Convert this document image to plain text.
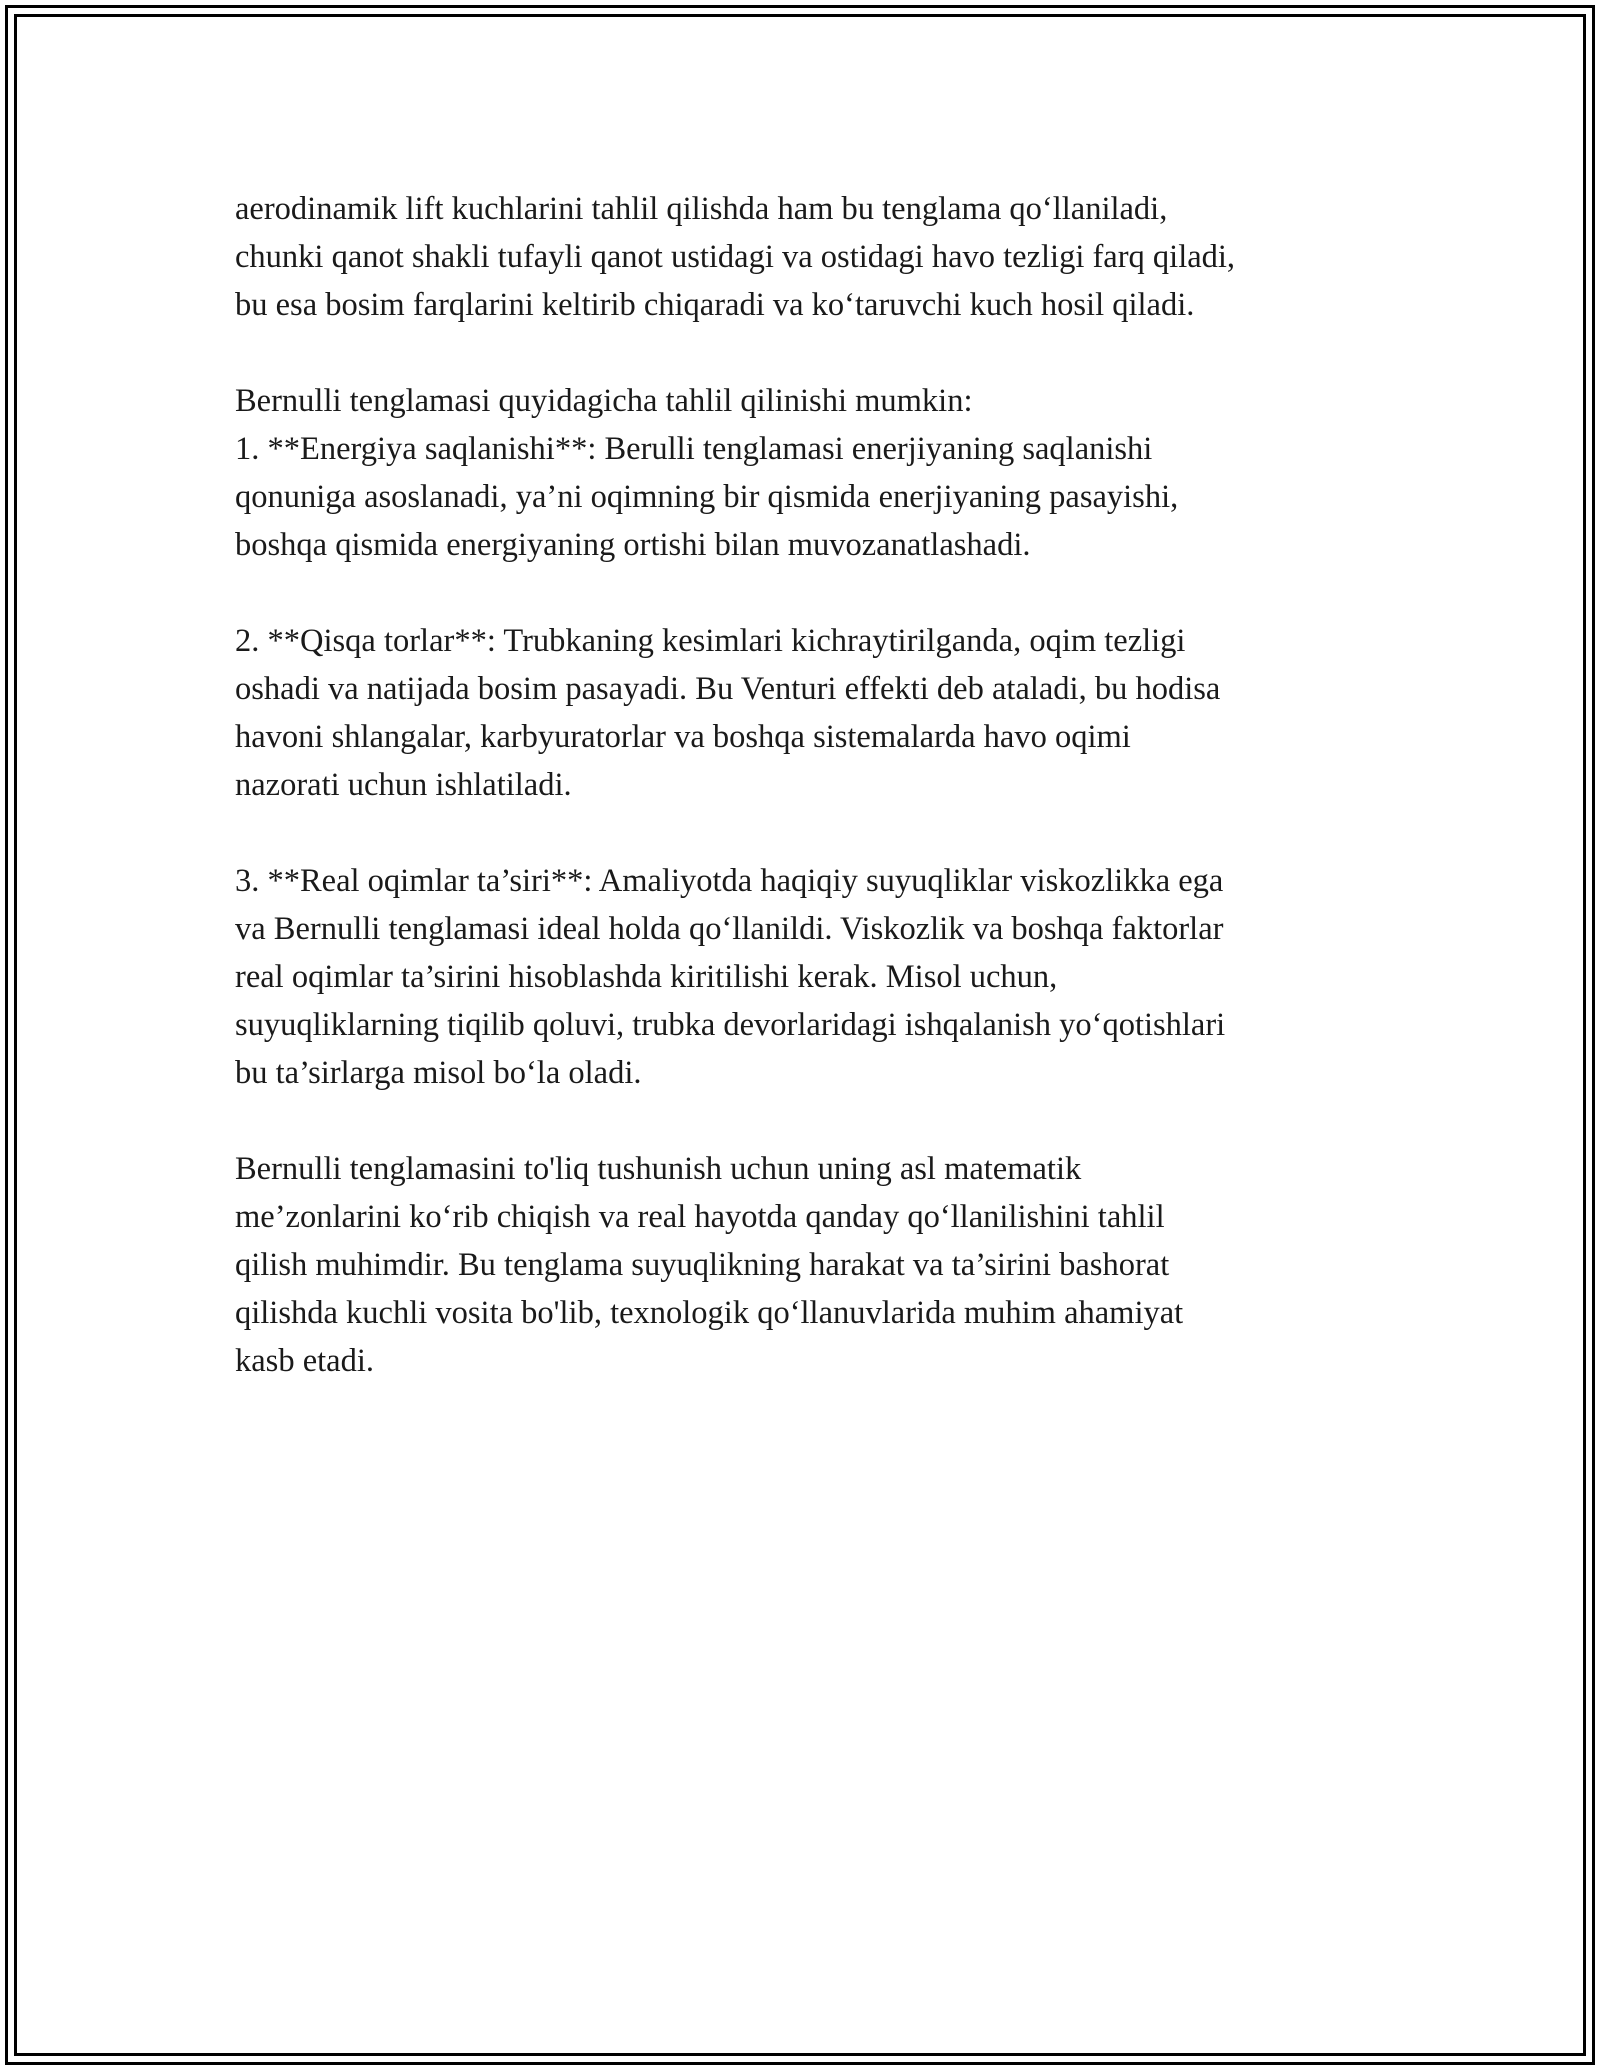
aerodinamik lift kuchlarini tahlil qilishda ham bu tenglama qo‘llaniladi,
chunki qanot shakli tufayli qanot ustidagi va ostidagi havo tezligi farq qiladi,
bu esa bosim farqlarini keltirib chiqaradi va ko‘taruvchi kuch hosil qiladi.

Bernulli tenglamasi quyidagicha tahlil qilinishi mumkin:

1. **Energiya saqlanishi**: Berulli tenglamasi enerjiyaning saqlanishi
qonuniga asoslanadi, ya’ni oqimning bir qismida enerjiyaning pasayishi,
boshqa qismida energiyaning ortishi bilan muvozanatlashadi.

2. **Qisqa torlar**: Trubkaning kesimlari kichraytirilganda, oqim tezligi
oshadi va natijada bosim pasayadi. Bu Venturi effekti deb ataladi, bu hodisa
havoni shlangalar, karbyuratorlar va boshqa sistemalarda havo oqimi
nazorati uchun ishlatiladi.

3. **Real oqimlar ta’siri**: Amaliyotda haqiqiy suyuqliklar viskozlikka ega
va Bernulli tenglamasi ideal holda qo‘llanildi. Viskozlik va boshqa faktorlar
real oqimlar ta’sirini hisoblashda kiritilishi kerak. Misol uchun,
suyuqliklarning tiqilib qoluvi, trubka devorlaridagi ishqalanish yo‘qotishlari
bu ta’sirlarga misol bo‘la oladi.

Bernulli tenglamasini to'liq tushunish uchun uning asl matematik
me’zonlarini ko‘rib chiqish va real hayotda qanday qo‘llanilishini tahlil
qilish muhimdir. Bu tenglama suyuqlikning harakat va ta’sirini bashorat
qilishda kuchli vosita bo'lib, texnologik qo‘llanuvlarida muhim ahamiyat
kasb etadi.
